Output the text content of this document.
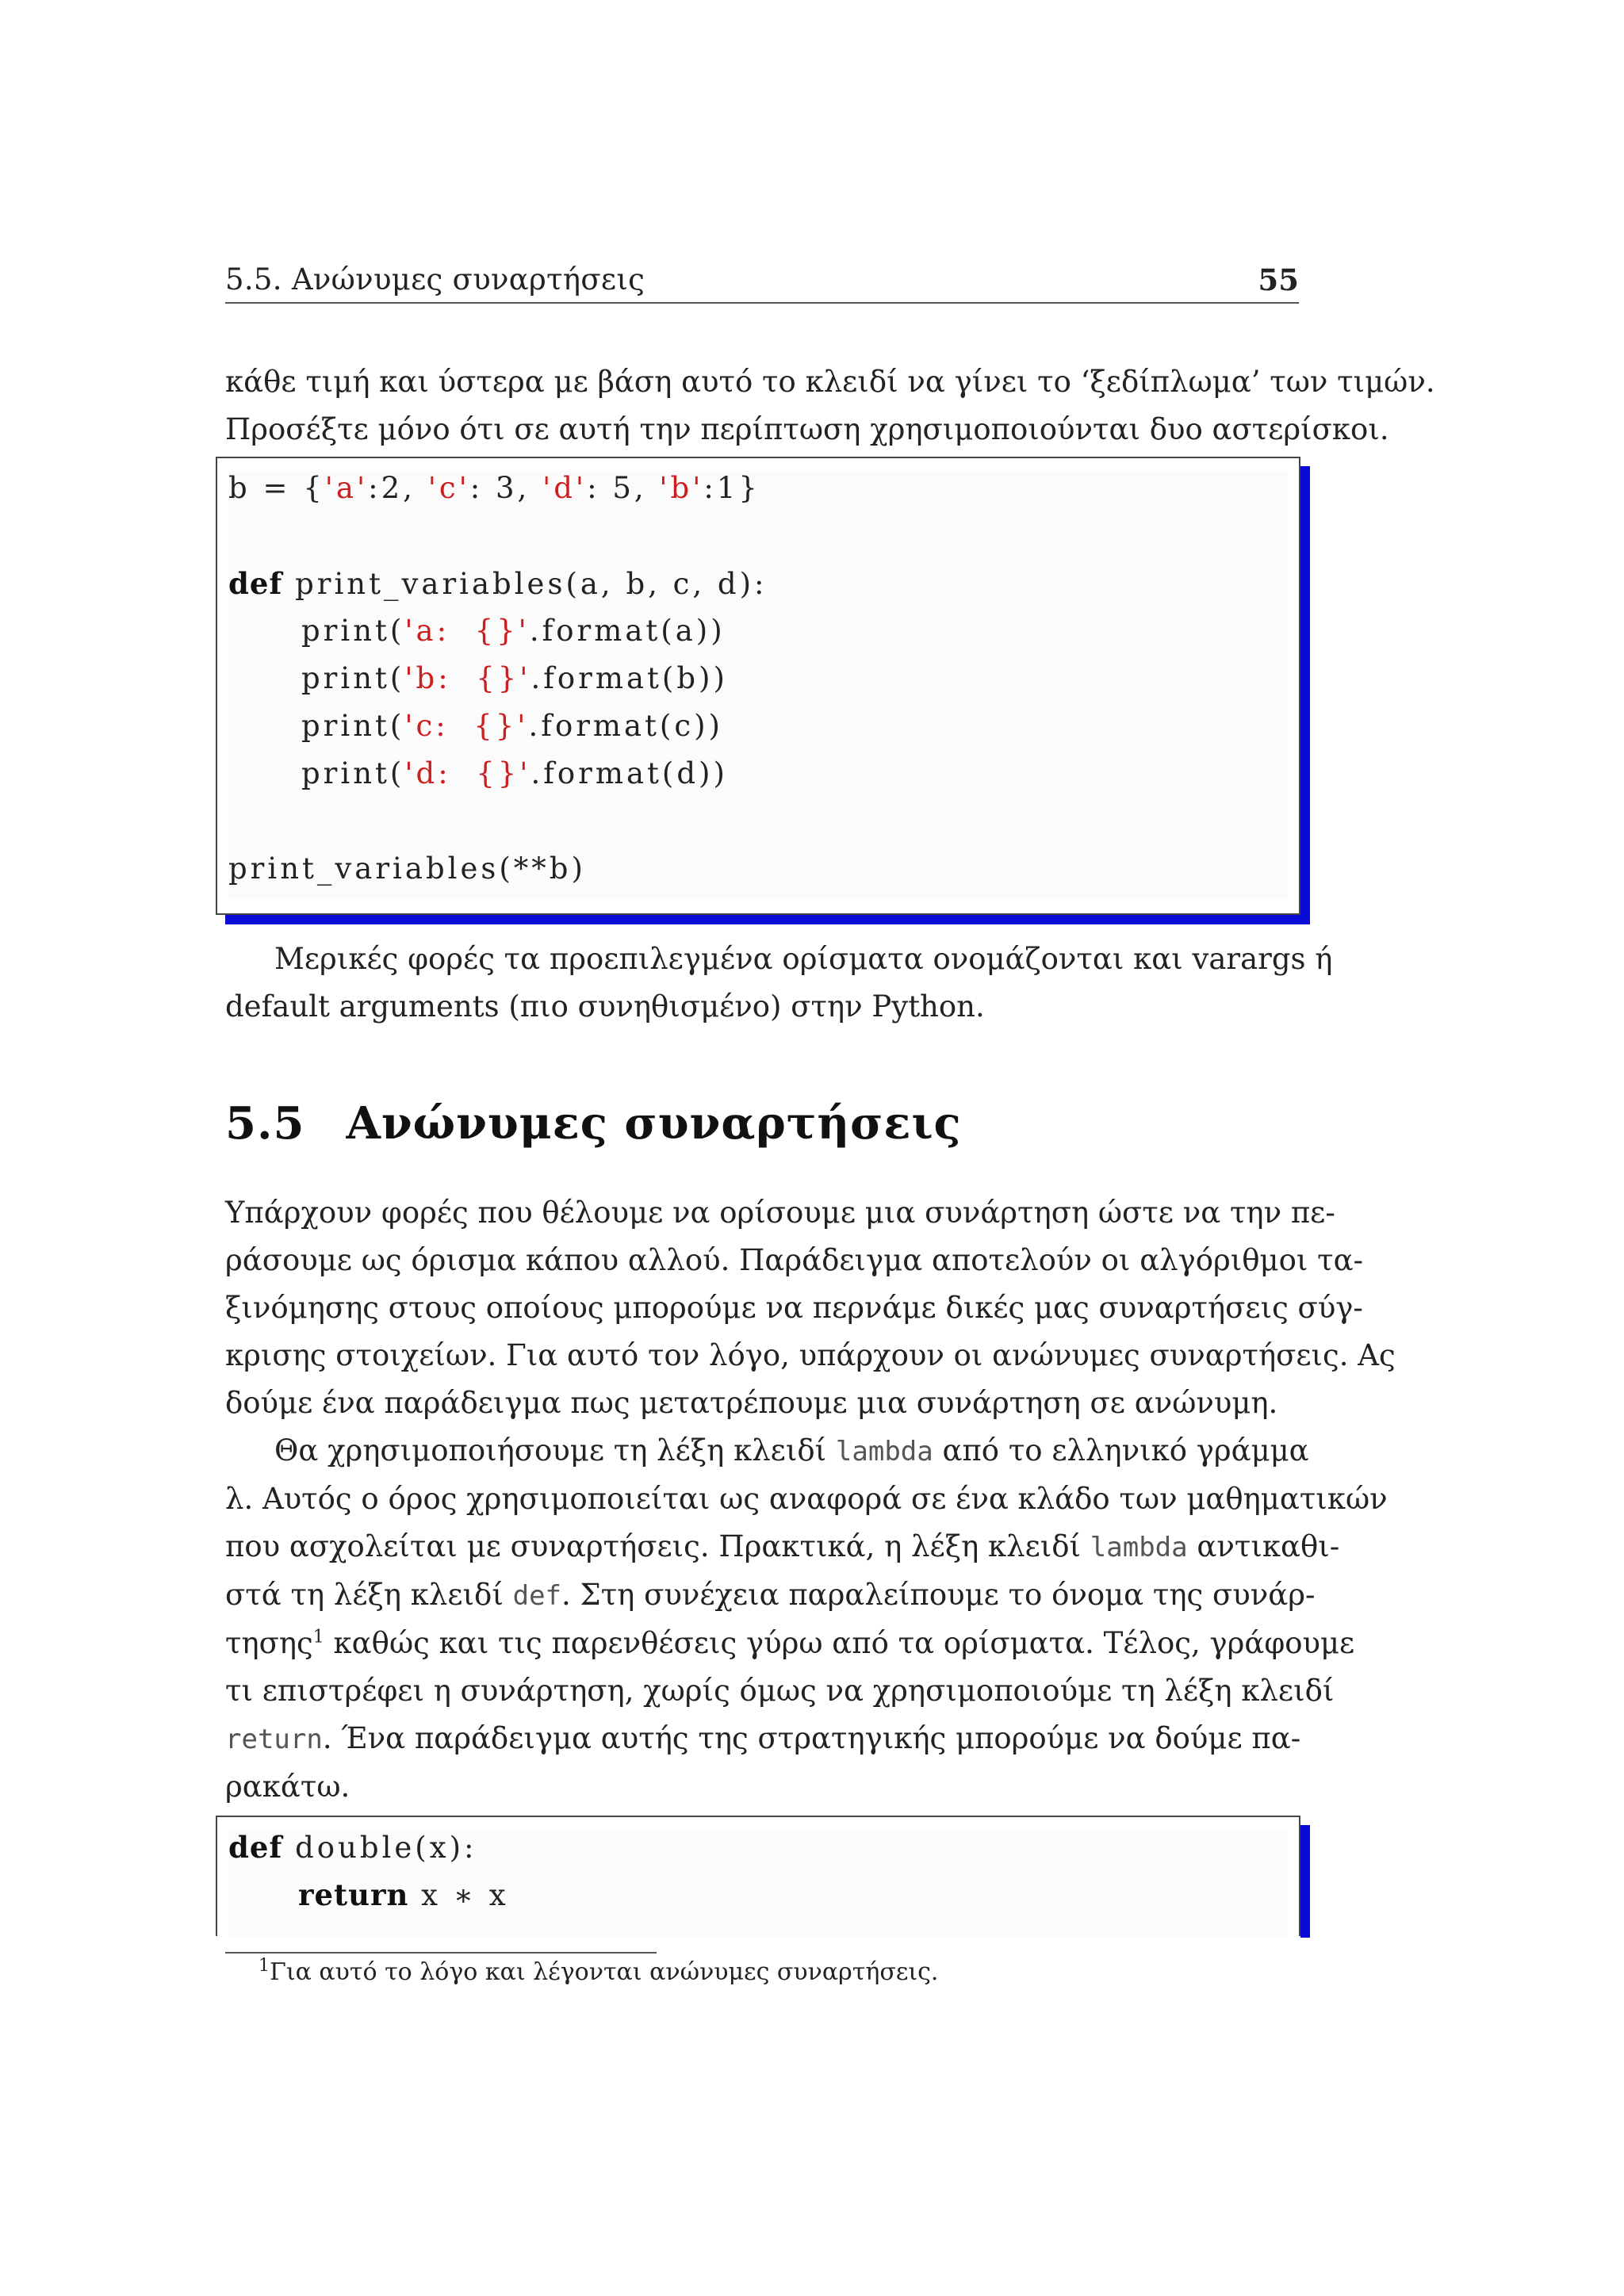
5.5. Ανώνυμες συναρτήσεις	55

κάθε τιμή και ύστερα με βάση αυτό το κλειδί να γίνει το ‘ξεδίπλωμα’ των τιμών.
Προσέξτε μόνο ότι σε αυτή την περίπτωση χρησιμοποιούνται δυο αστερίσκοι.

b = {'a':2, 'c': 3, 'd': 5, 'b':1}

def print_variables(a, b, c, d):

print('a:  {}'.format(a))

print('b:  {}'.format(b))

print('c:  {}'.format(c))

print('d:  {}'.format(d))

print_variables(**b)

Μερικές φορές τα προεπιλεγμένα ορίσματα ονομάζονται και varargs ή
default arguments (πιο συνηθισμένο) στην Python.

5.5 Ανώνυμες συναρτήσεις

Υπάρχουν φορές που θέλουμε να ορίσουμε μια συνάρτηση ώστε να την πε-
ράσουμε ως όρισμα κάπου αλλού. Παράδειγμα αποτελούν οι αλγόριθμοι τα-
ξινόμησης στους οποίους μπορούμε να περνάμε δικές μας συναρτήσεις σύγ-
κρισης στοιχείων. Για αυτό τον λόγο, υπάρχουν οι ανώνυμες συναρτήσεις. Ας
δούμε ένα παράδειγμα πως μετατρέπουμε μια συνάρτηση σε ανώνυμη.

Θα χρησιμοποιήσουμε τη λέξη κλειδί lambda από το ελληνικό γράμμα
λ. Αυτός ο όρος χρησιμοποιείται ως αναφορά σε ένα κλάδο των μαθηματικών
που ασχολείται με συναρτήσεις. Πρακτικά, η λέξη κλειδί lambda αντικαθι-
στά τη λέξη κλειδί def. Στη συνέχεια παραλείπουμε το όνομα της συνάρ-
τησης$^1$ καθώς και τις παρενθέσεις γύρω από τα ορίσματα. Τέλος, γράφουμε
τι επιστρέφει η συνάρτηση, χωρίς όμως να χρησιμοποιούμε τη λέξη κλειδί
return. Ένα παράδειγμα αυτής της στρατηγικής μπορούμε να δούμε πα-
ρακάτω.

def double(x):

return x ∗ x

$^1$Για αυτό το λόγο και λέγονται ανώνυμες συναρτήσεις.
